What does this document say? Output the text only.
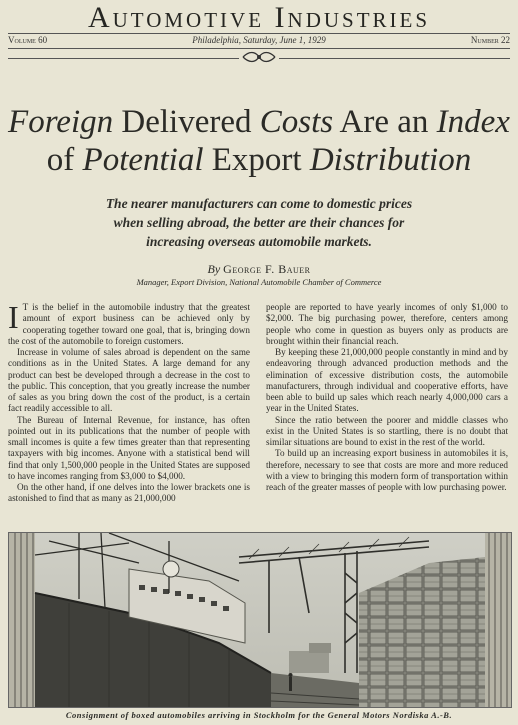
Automotive Industries
Volume 60	Philadelphia, Saturday, June 1, 1929	Number 22
Foreign Delivered Costs Are an Index
of Potential Export Distribution
The nearer manufacturers can come to domestic prices
when selling abroad, the better are their chances for
increasing overseas automobile markets.
By George F. Bauer
Manager, Export Division, National Automobile Chamber of Commerce

I T is the belief in the automobile industry that the greatest amount of export business can be achieved only by cooperating together toward one goal, that is, bringing down the cost of the automobile to foreign customers.

Increase in volume of sales abroad is dependent on the same conditions as in the United States. A large demand for any product can best be developed through a decrease in the cost to the public. This conception, that you greatly increase the number of sales as you bring down the cost of the product, is a certain fact readily accessible to all.

The Bureau of Internal Revenue, for instance, has often pointed out in its publications that the number of people with small incomes is quite a few times greater than that representing taxpayers with big incomes. Anyone with a statistical bend will find that only 1,500,000 people in the United States are supposed to have incomes ranging from $3,000 to $4,000.

On the other hand, if one delves into the lower brackets one is astonished to find that as many as 21,000,000

people are reported to have yearly incomes of only $1,000 to $2,000. The big purchasing power, therefore, centers among people who come in question as buyers only as products are brought within their financial reach.

By keeping these 21,000,000 people constantly in mind and by endeavoring through advanced production methods and the elimination of excessive distribution costs, the automobile manufacturers, through individual and cooperative efforts, have been able to build up sales which reach nearly 4,000,000 cars a year in the United States.

Since the ratio between the poorer and middle classes who exist in the United States is so startling, there is no doubt that similar situations are bound to exist in the rest of the world.

To build up an increasing export business in automobiles it is, therefore, necessary to see that costs are more and more reduced with a view to bringing this modern form of transportation within reach of the greater masses of people with low purchasing power.

Consignment of boxed automobiles arriving in Stockholm for the General Motors Nordiska A.-B.
